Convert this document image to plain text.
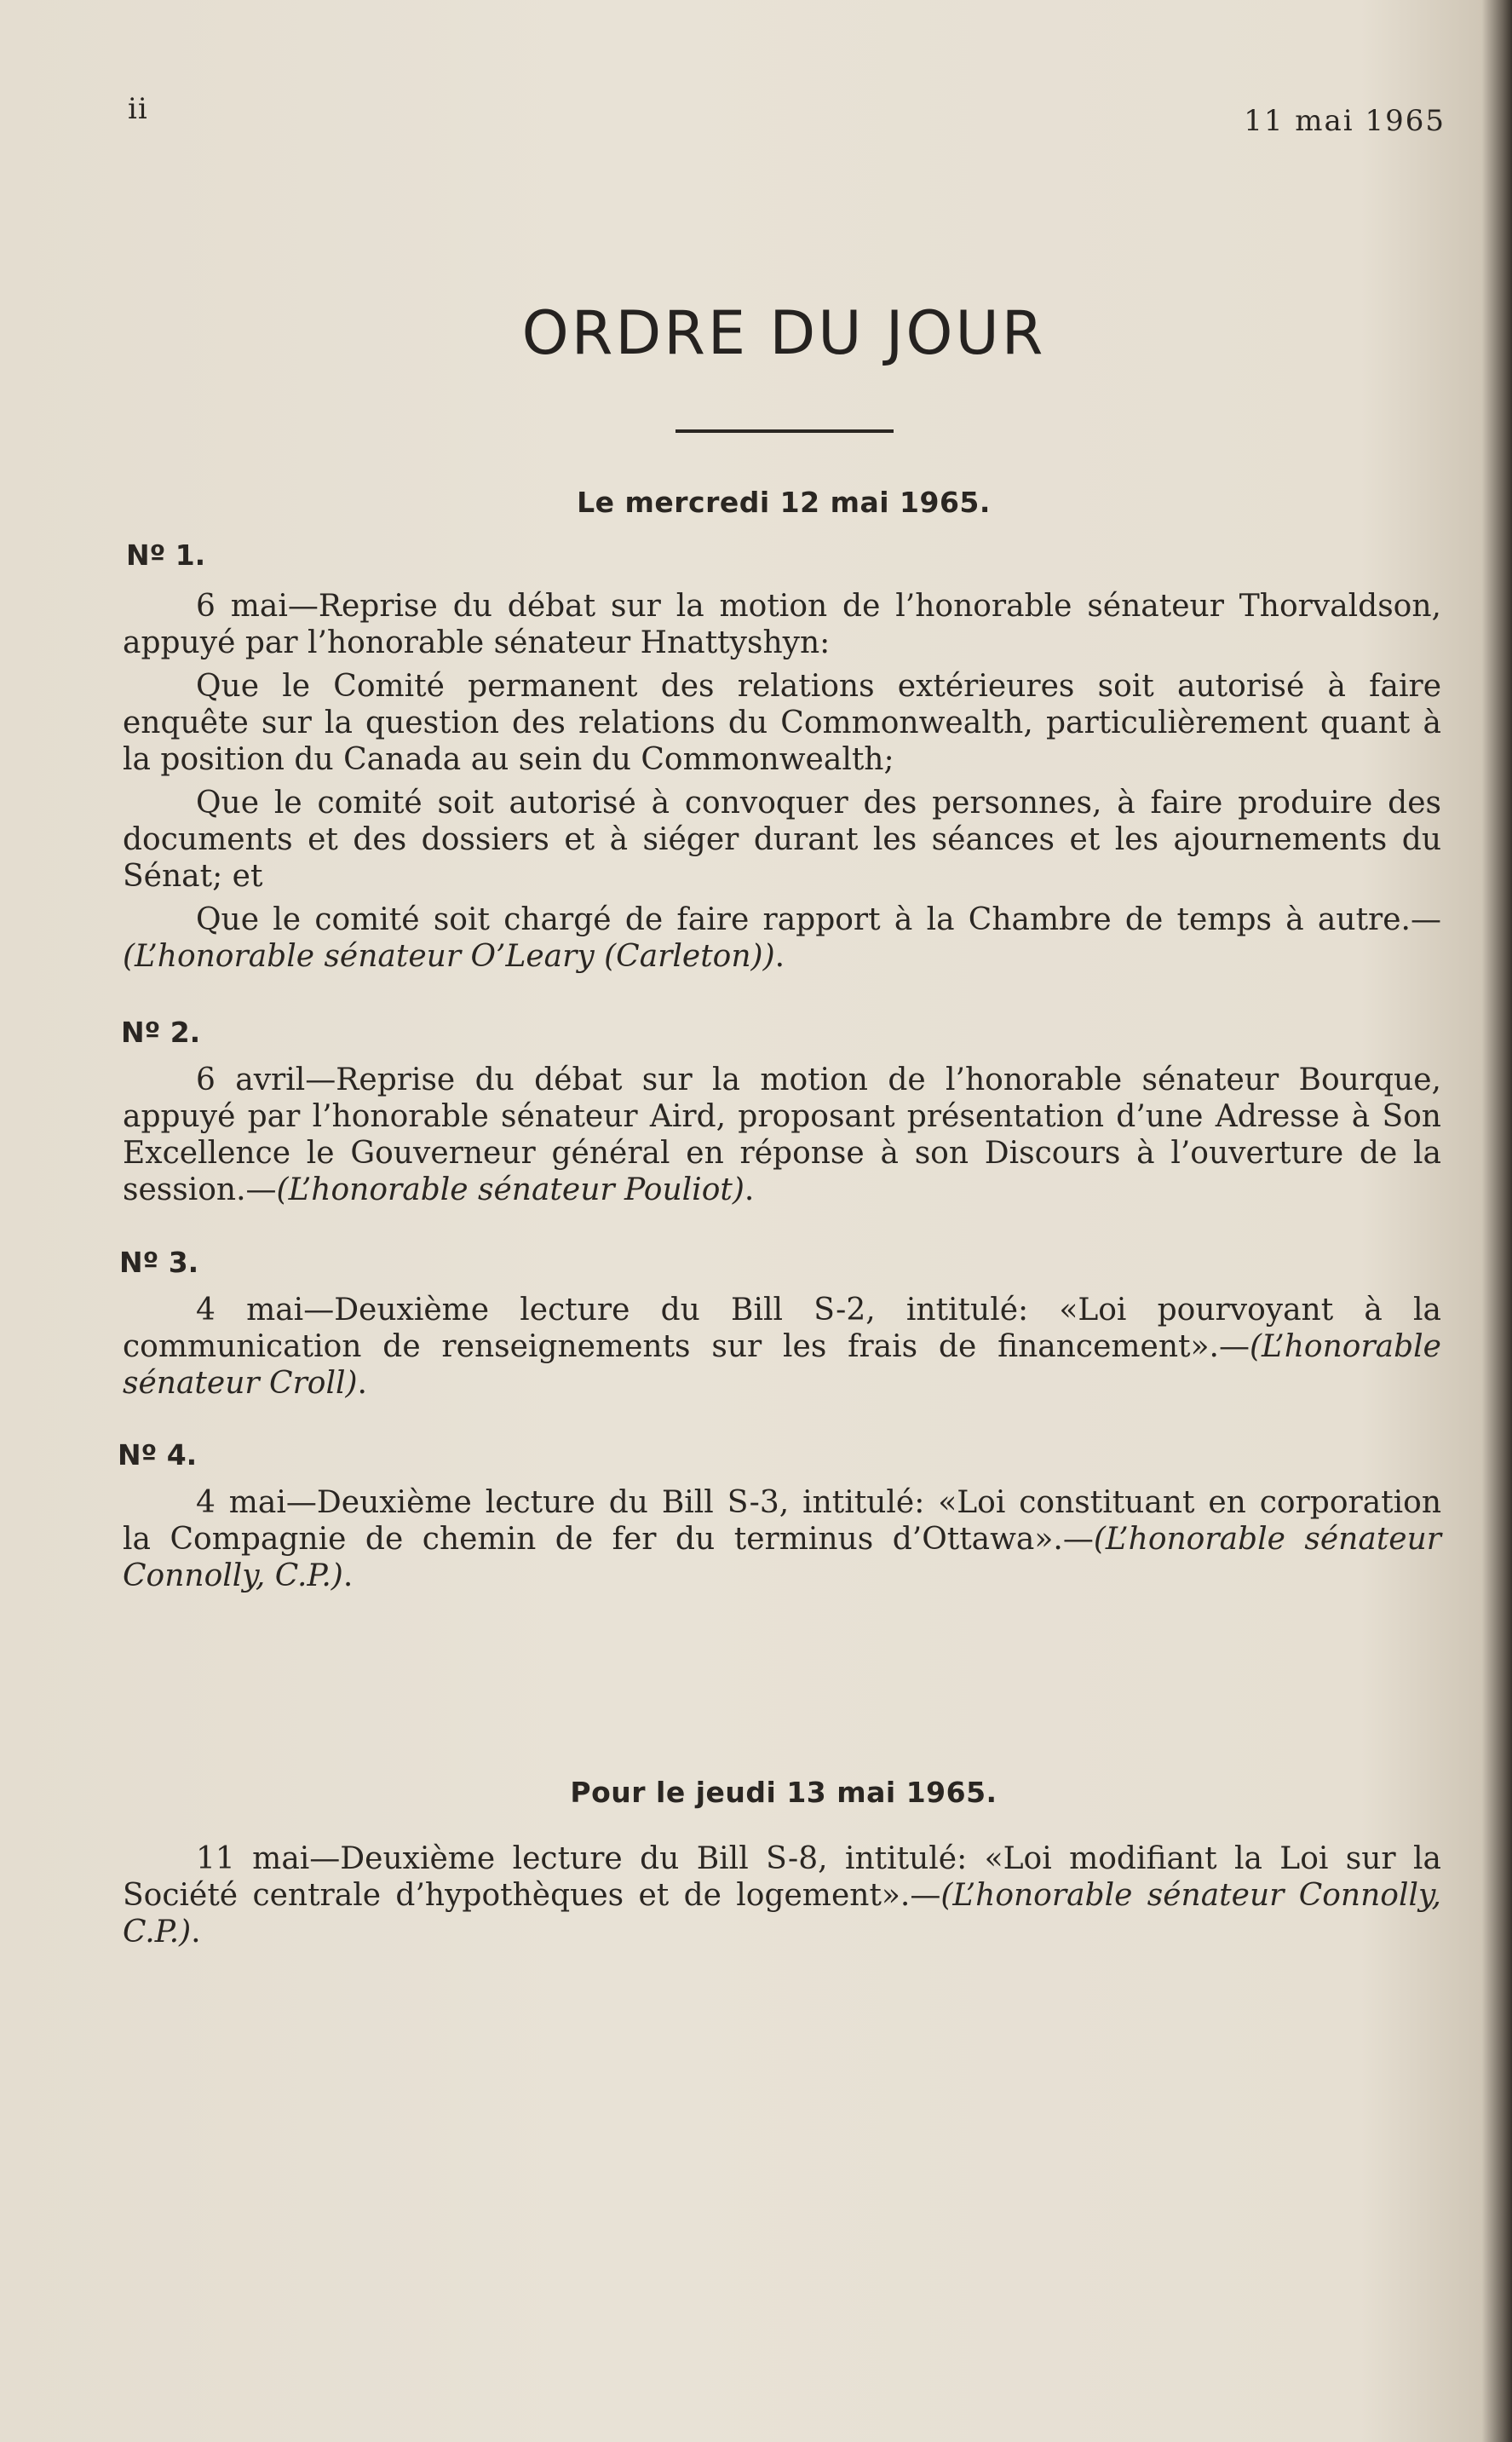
ii	11 mai 1965
ORDRE DU JOUR
Le mercredi 12 mai 1965.
Nº 1.

6 mai—Reprise du débat sur la motion de l’honorable sénateur Thorvaldson, appuyé par l’honorable sénateur Hnattyshyn:

Que le Comité permanent des relations extérieures soit autorisé à faire enquête sur la question des relations du Commonwealth, particulièrement quant à la position du Canada au sein du Commonwealth;

Que le comité soit autorisé à convoquer des personnes, à faire produire des documents et des dossiers et à siéger durant les séances et les ajournements du Sénat; et

Que le comité soit chargé de faire rapport à la Chambre de temps à autre.—(L’honorable sénateur O’Leary (Carleton)).

Nº 2.

6 avril—Reprise du débat sur la motion de l’honorable sénateur Bourque, appuyé par l’honorable sénateur Aird, proposant présentation d’une Adresse à Son Excellence le Gouverneur général en réponse à son Discours à l’ouverture de la session.—(L’honorable sénateur Pouliot).

Nº 3.

4 mai—Deuxième lecture du Bill S-2, intitulé: «Loi pourvoyant à la communication de renseignements sur les frais de financement».—(L’honorable sénateur Croll).

Nº 4.

4 mai—Deuxième lecture du Bill S-3, intitulé: «Loi constituant en corporation la Compagnie de chemin de fer du terminus d’Ottawa».—(L’honorable sénateur Connolly, C.P.).

Pour le jeudi 13 mai 1965.

11 mai—Deuxième lecture du Bill S-8, intitulé: «Loi modifiant la Loi sur la Société centrale d’hypothèques et de logement».—(L’honorable sénateur Connolly, C.P.).
